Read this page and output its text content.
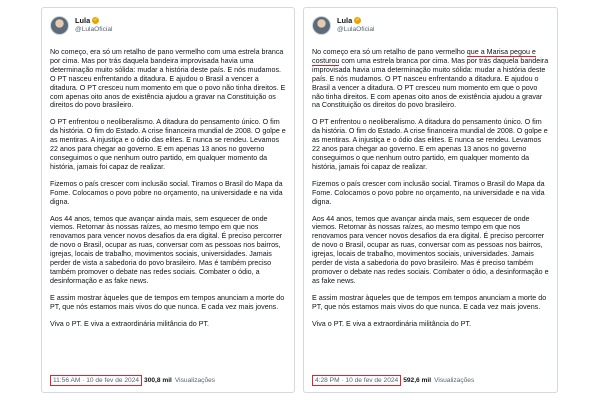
Lula ✓
@LulaOficial

No começo, era só um retalho de pano vermelho com uma estrela branca por cima. Mas por trás daquela bandeira improvisada havia uma determinação muito sólida: mudar a história deste país. E nós mudamos. O PT nasceu enfrentando a ditadura. E ajudou o Brasil a vencer a ditadura. O PT cresceu num momento em que o povo não tinha direitos. E com apenas oito anos de existência ajudou a gravar na Constituição os direitos do povo brasileiro.

O PT enfrentou o neoliberalismo. A ditadura do pensamento único. O fim da história. O fim do Estado. A crise financeira mundial de 2008. O golpe e as mentiras. A injustiça e o ódio das elites. E nunca se rendeu. Levamos 22 anos para chegar ao governo. E em apenas 13 anos no governo conseguimos o que nenhum outro partido, em qualquer momento da história, jamais foi capaz de realizar.

Fizemos o país crescer com inclusão social. Tiramos o Brasil do Mapa da Fome. Colocamos o povo pobre no orçamento, na universidade e na vida digna.

Aos 44 anos, temos que avançar ainda mais, sem esquecer de onde viemos. Retornar às nossas raízes, ao mesmo tempo em que nos renovamos para vencer novos desafios da era digital. É preciso percorrer de novo o Brasil, ocupar as ruas, conversar com as pessoas nos bairros, igrejas, locais de trabalho, movimentos sociais, universidades. Jamais perder de vista a sabedoria do povo brasileiro. Mas é também preciso também promover o debate nas redes sociais. Combater o ódio, a desinformação e as fake news.

E assim mostrar àqueles que de tempos em tempos anunciam a morte do PT, que nós estamos mais vivos do que nunca. E cada vez mais jovens.

Viva o PT. E viva a extraordinária militância do PT.

11:56 AM · 10 de fev de 2024 300,8 mil Visualizações
Lula ✓
@LulaOficial

No começo era só um retalho de pano vermelho que a Marisa pegou e costurou com uma estrela branca por cima. Mas por trás daquela bandeira improvisada havia uma determinação muito sólida: mudar a história deste país. E nós mudamos. O PT nasceu enfrentando a ditadura. E ajudou o Brasil a vencer a ditadura. O PT cresceu num momento em que o povo não tinha direitos. E com apenas oito anos de existência ajudou a gravar na Constituição os direitos do povo brasileiro.

O PT enfrentou o neoliberalismo. A ditadura do pensamento único. O fim da história. O fim do Estado. A crise financeira mundial de 2008. O golpe e as mentiras. A injustiça e o ódio das elites. E nunca se rendeu. Levamos 22 anos para chegar ao governo. E em apenas 13 anos no governo conseguimos o que nenhum outro partido, em qualquer momento da história, jamais foi capaz de realizar.

Fizemos o país crescer com inclusão social. Tiramos o Brasil do Mapa da Fome. Colocamos o povo pobre no orçamento, na universidade e na vida digna.

Aos 44 anos, temos que avançar ainda mais, sem esquecer de onde viemos. Retornar às nossas raízes, ao mesmo tempo em que nos renovamos para vencer novos desafios da era digital. É preciso percorrer de novo o Brasil, ocupar as ruas, conversar com as pessoas nos bairros, igrejas, locais de trabalho, movimentos sociais, universidades. Jamais perder de vista a sabedoria do povo brasileiro. Mas é preciso também promover o debate nas redes sociais. Combater o ódio, a desinformação e as fake news.

E assim mostrar àqueles que de tempos em tempos anunciam a morte do PT, que nós estamos mais vivos do que nunca. E cada vez mais jovens.

Viva o PT. E viva a extraordinária militância do PT.

4:28 PM · 10 de fev de 2024 592,6 mil Visualizações
